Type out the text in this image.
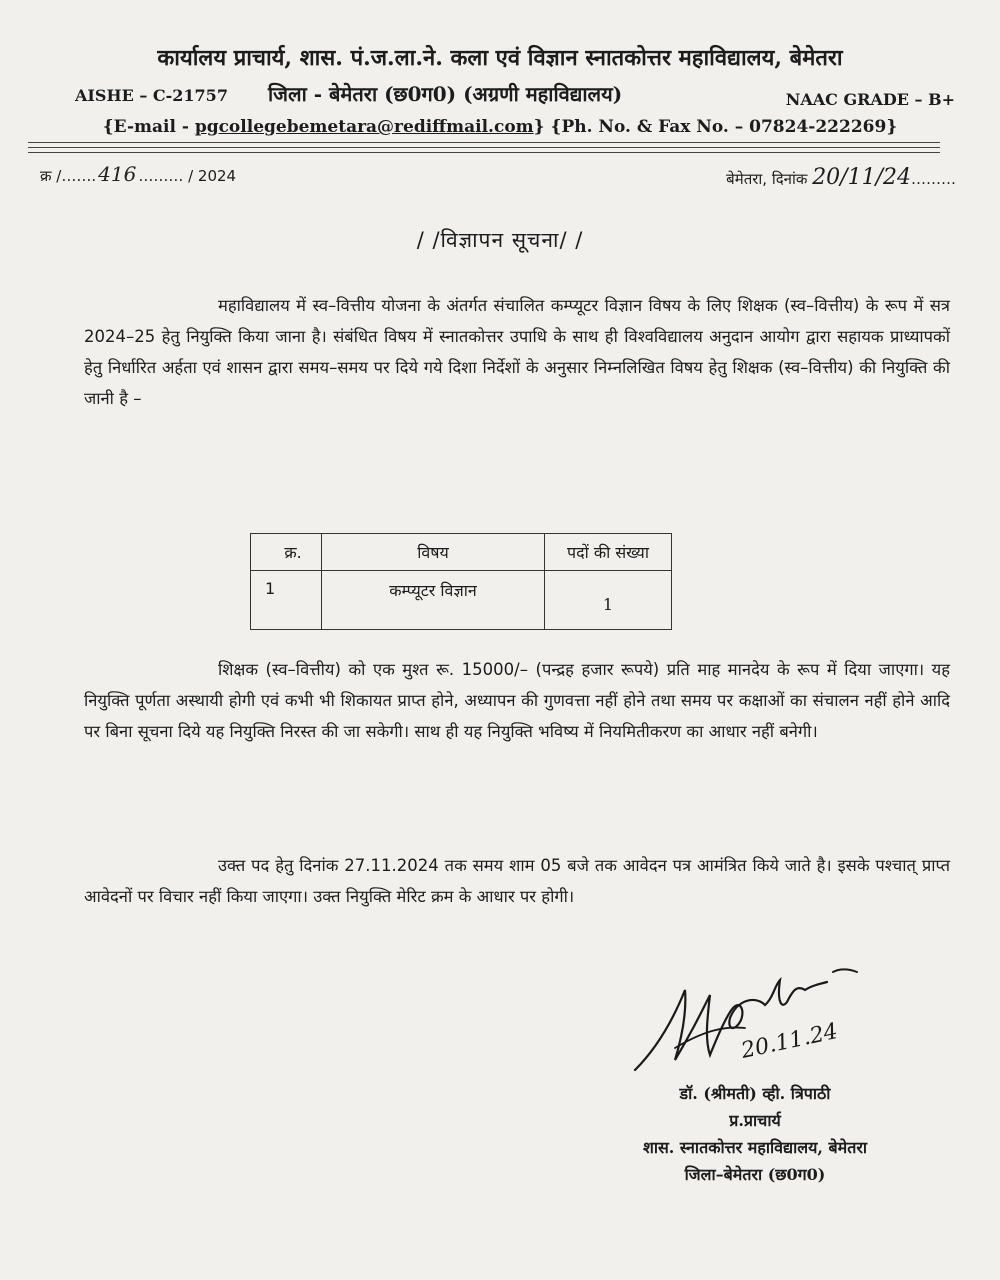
कार्यालय प्राचार्य, शास. पं.ज.ला.ने. कला एवं विज्ञान स्नातकोत्तर महाविद्यालय, बेमेतरा
AISHE – C-21757 जिला - बेमेतरा (छ0ग0) (अग्रणी महाविद्यालय)	NAAC GRADE – B+
{E-mail - pgcollegebemetara@rediffmail.com} {Ph. No. & Fax No. – 07824-222269}
क्र /……. 416 ……… / 2024	बेमेतरा, दिनांक 20/11/24………
/ /विज्ञापन सूचना/ /
महाविद्यालय में स्व–वित्तीय योजना के अंतर्गत संचालित कम्प्यूटर विज्ञान विषय के लिए शिक्षक (स्व–वित्तीय) के रूप में सत्र 2024–25 हेतु नियुक्ति किया जाना है। संबंधित विषय में स्नातकोत्तर उपाधि के साथ ही विश्वविद्यालय अनुदान आयोग द्वारा सहायक प्राध्यापकों हेतु निर्धारित अर्हता एवं शासन द्वारा समय–समय पर दिये गये दिशा निर्देशों के अनुसार निम्नलिखित विषय हेतु शिक्षक (स्व–वित्तीय) की नियुक्ति की जानी है –
क्र.	विषय	पदों की संख्या
1	कम्प्यूटर विज्ञान	1
शिक्षक (स्व–वित्तीय) को एक मुश्त रू. 15000/– (पन्द्रह हजार रूपये) प्रति माह मानदेय के रूप में दिया जाएगा। यह नियुक्ति पूर्णता अस्थायी होगी एवं कभी भी शिकायत प्राप्त होने, अध्यापन की गुणवत्ता नहीं होने तथा समय पर कक्षाओं का संचालन नहीं होने आदि पर बिना सूचना दिये यह नियुक्ति निरस्त की जा सकेगी। साथ ही यह नियुक्ति भविष्य में नियमितीकरण का आधार नहीं बनेगी।
उक्त पद हेतु दिनांक 27.11.2024 तक समय शाम 05 बजे तक आवेदन पत्र आमंत्रित किये जाते है। इसके पश्चात् प्राप्त आवेदनों पर विचार नहीं किया जाएगा। उक्त नियुक्ति मेरिट क्रम के आधार पर होगी।
20.11.24
डॉ. (श्रीमती) व्ही. त्रिपाठी
प्र.प्राचार्य
शास. स्नातकोत्तर महाविद्यालय, बेमेतरा
जिला–बेमेतरा (छ0ग0)
